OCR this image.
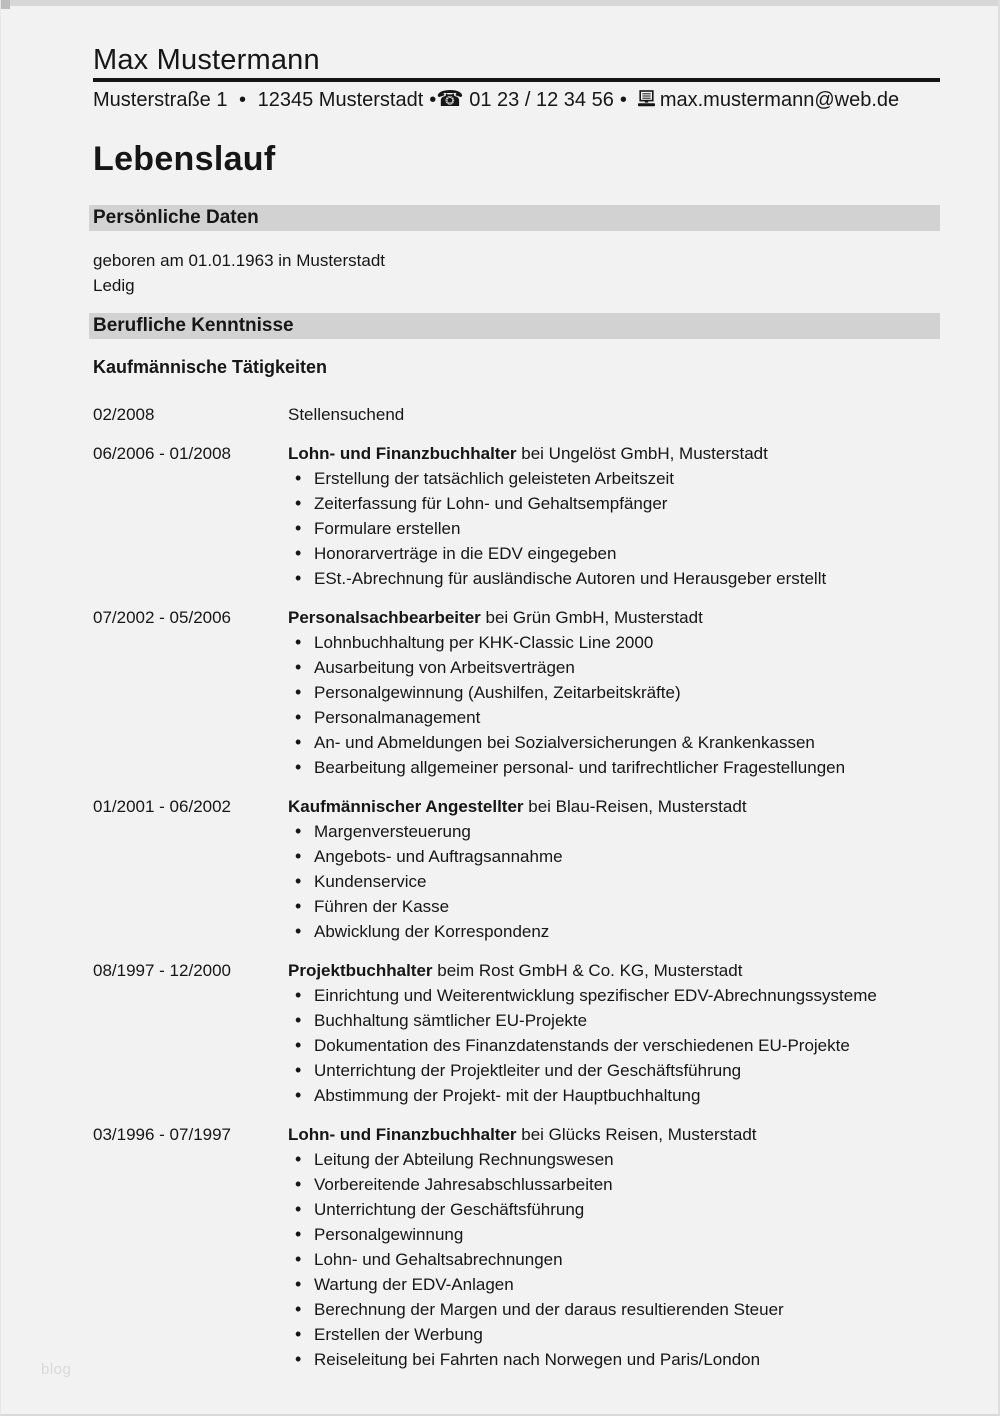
Max Mustermann
Musterstraße 1 • 12345 Musterstadt •☎ 01 23 / 12 34 56 • max.mustermann@web.de
Lebenslauf
Persönliche Daten
geboren am 01.01.1963 in Musterstadt
Ledig
Berufliche Kenntnisse
Kaufmännische Tätigkeiten
02/2008	Stellensuchend
06/2006 - 01/2008	Lohn- und Finanzbuchhalter bei Ungelöst GmbH, Musterstadt
• Erstellung der tatsächlich geleisteten Arbeitszeit
• Zeiterfassung für Lohn- und Gehaltsempfänger
• Formulare erstellen
• Honorarverträge in die EDV eingegeben
• ESt.-Abrechnung für ausländische Autoren und Herausgeber erstellt
07/2002 - 05/2006	Personalsachbearbeiter bei Grün GmbH, Musterstadt
• Lohnbuchhaltung per KHK-Classic Line 2000
• Ausarbeitung von Arbeitsverträgen
• Personalgewinnung (Aushilfen, Zeitarbeitskräfte)
• Personalmanagement
• An- und Abmeldungen bei Sozialversicherungen & Krankenkassen
• Bearbeitung allgemeiner personal- und tarifrechtlicher Fragestellungen
01/2001 - 06/2002	Kaufmännischer Angestellter bei Blau-Reisen, Musterstadt
• Margenversteuerung
• Angebots- und Auftragsannahme
• Kundenservice
• Führen der Kasse
• Abwicklung der Korrespondenz
08/1997 - 12/2000	Projektbuchhalter beim Rost GmbH & Co. KG, Musterstadt
• Einrichtung und Weiterentwicklung spezifischer EDV-Abrechnungssysteme
• Buchhaltung sämtlicher EU-Projekte
• Dokumentation des Finanzdatenstands der verschiedenen EU-Projekte
• Unterrichtung der Projektleiter und der Geschäftsführung
• Abstimmung der Projekt- mit der Hauptbuchhaltung
03/1996 - 07/1997	Lohn- und Finanzbuchhalter bei Glücks Reisen, Musterstadt
• Leitung der Abteilung Rechnungswesen
• Vorbereitende Jahresabschlussarbeiten
• Unterrichtung der Geschäftsführung
• Personalgewinnung
• Lohn- und Gehaltsabrechnungen
• Wartung der EDV-Anlagen
• Berechnung der Margen und der daraus resultierenden Steuer
• Erstellen der Werbung
• Reiseleitung bei Fahrten nach Norwegen und Paris/London
blog
